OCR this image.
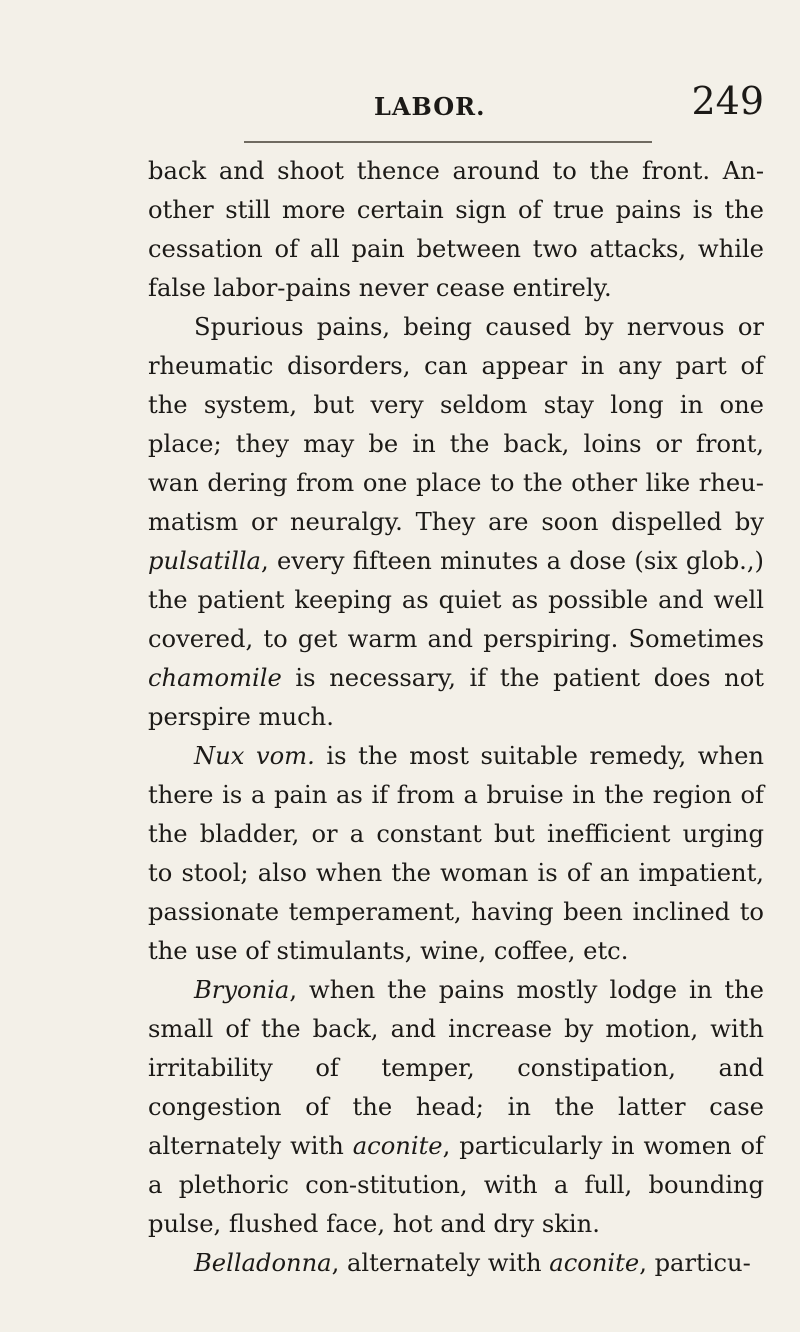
LABOR.	249

back and shoot thence around to the front. An-other still more certain sign of true pains is the cessation of all pain between two attacks, while false labor-pains never cease entirely.

Spurious pains, being caused by nervous or rheumatic disorders, can appear in any part of the system, but very seldom stay long in one place; they may be in the back, loins or front, wan dering from one place to the other like rheu-matism or neuralgy. They are soon dispelled by pulsatilla, every fifteen minutes a dose (six glob.,) the patient keeping as quiet as possible and well covered, to get warm and perspiring. Sometimes chamomile is necessary, if the patient does not perspire much.

Nux vom. is the most suitable remedy, when there is a pain as if from a bruise in the region of the bladder, or a constant but inefficient urging to stool; also when the woman is of an impatient, passionate temperament, having been inclined to the use of stimulants, wine, coffee, etc.

Bryonia, when the pains mostly lodge in the small of the back, and increase by motion, with irritability of temper, constipation, and congestion of the head; in the latter case alternately with aconite, particularly in women of a plethoric con-stitution, with a full, bounding pulse, flushed face, hot and dry skin.

Belladonna, alternately with aconite, particu-
